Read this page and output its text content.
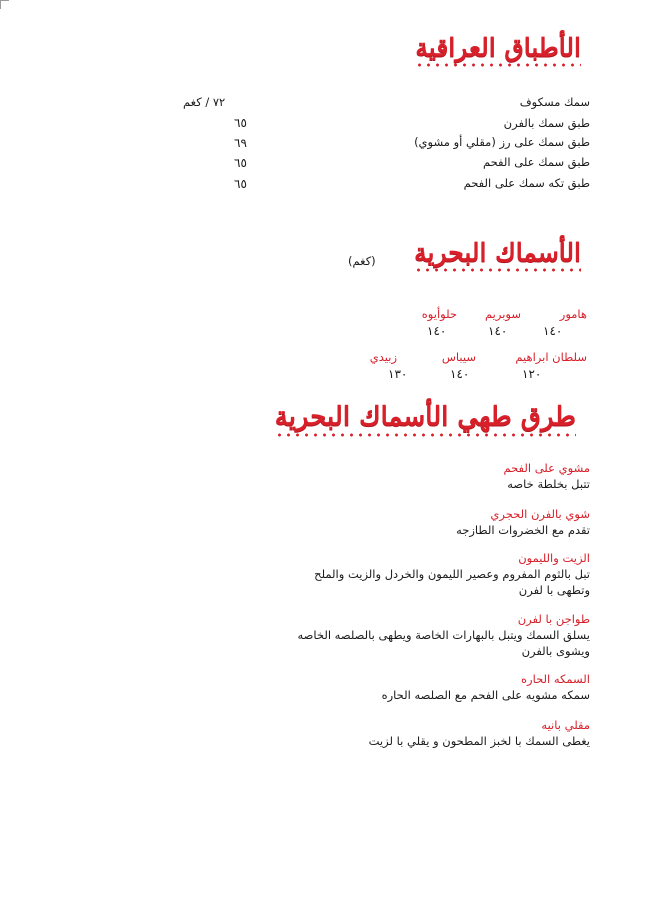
الأطباق العراقية
سمك مسكوف
٧٢ / كغم
طبق سمك بالفرن
٦٥
طبق سمك على رز (مقلي أو مشوي)
٦٩
طبق سمك على الفحم
٦٥
طبق تكه سمك على الفحم
٦٥
الأسماك البحرية
(كغم)
هامور
١٤٠
سوبريم
١٤٠
حلوأيوه
١٤٠
سلطان ابراهيم
١٢٠
سيباس
١٤٠
زبيدي
١٣٠
طرق طهي الأسماك البحرية
مشوي على الفحم
تتبل بخلطة خاصه
شوي بالفرن الحجري
تقدم مع الخضروات الطازجه
الزيت والليمون
تبل بالثوم المفروم وعصير الليمون والخردل والزيت والملح
وتطهى با لفرن
طواجن با لفرن
يسلق السمك ويتبل بالبهارات الخاصة ويطهى بالصلصه الخاصه
ويشوى بالفرن
السمكه الحاره
سمكه مشويه على الفحم مع الصلصه الحاره
مقلي بانيه
يغطى السمك با لخبز المطحون و يقلي با لزيت
